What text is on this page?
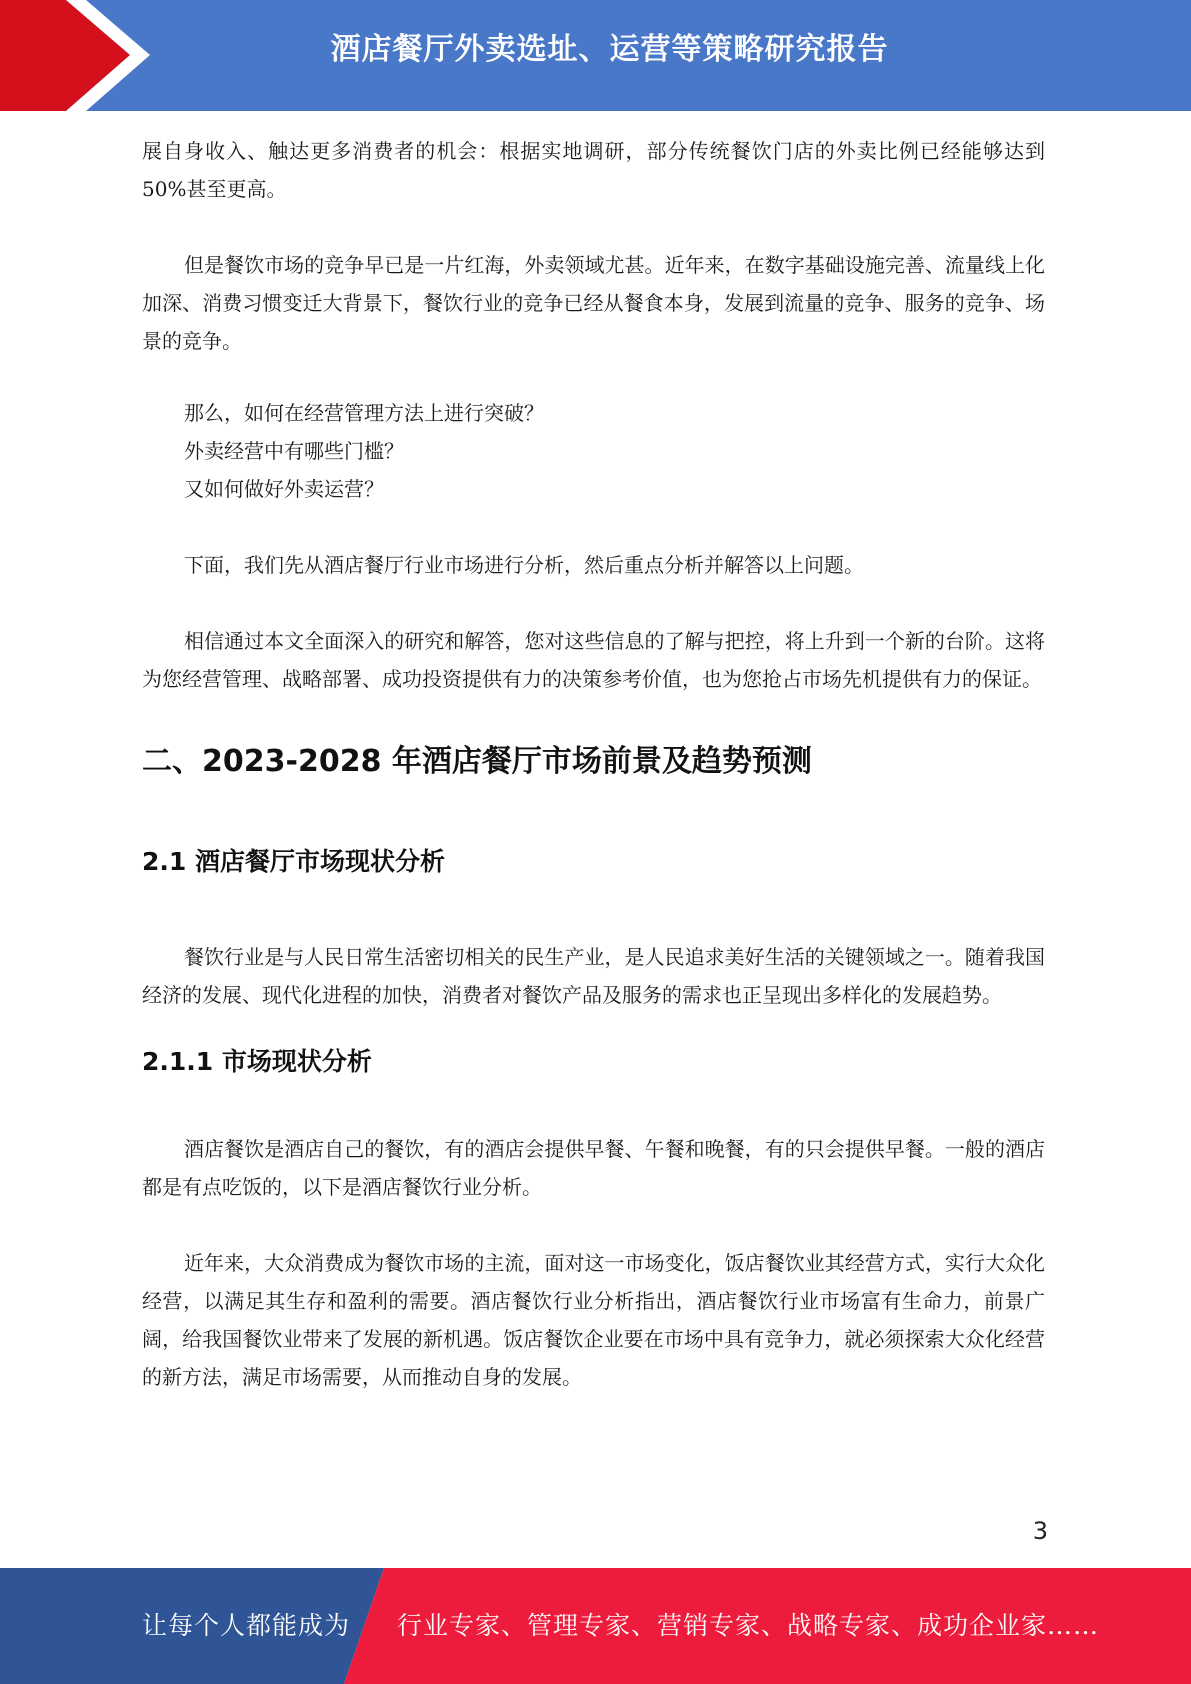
酒店餐厅外卖选址、运营等策略研究报告

展自身收入、触达更多消费者的机会：根据实地调研，部分传统餐饮门店的外卖比例已经能够达到50%甚至更高。

但是餐饮市场的竞争早已是一片红海，外卖领域尤甚。近年来，在数字基础设施完善、流量线上化加深、消费习惯变迁大背景下，餐饮行业的竞争已经从餐食本身，发展到流量的竞争、服务的竞争、场景的竞争。

那么，如何在经营管理方法上进行突破？
外卖经营中有哪些门槛？
又如何做好外卖运营？

下面，我们先从酒店餐厅行业市场进行分析，然后重点分析并解答以上问题。

相信通过本文全面深入的研究和解答，您对这些信息的了解与把控，将上升到一个新的台阶。这将为您经营管理、战略部署、成功投资提供有力的决策参考价值，也为您抢占市场先机提供有力的保证。

二、2023-2028 年酒店餐厅市场前景及趋势预测
2.1 酒店餐厅市场现状分析

餐饮行业是与人民日常生活密切相关的民生产业，是人民追求美好生活的关键领域之一。随着我国经济的发展、现代化进程的加快，消费者对餐饮产品及服务的需求也正呈现出多样化的发展趋势。

2.1.1 市场现状分析

酒店餐饮是酒店自己的餐饮，有的酒店会提供早餐、午餐和晚餐，有的只会提供早餐。一般的酒店都是有点吃饭的，以下是酒店餐饮行业分析。

近年来，大众消费成为餐饮市场的主流，面对这一市场变化，饭店餐饮业其经营方式，实行大众化经营，以满足其生存和盈利的需要。酒店餐饮行业分析指出，酒店餐饮行业市场富有生命力，前景广阔，给我国餐饮业带来了发展的新机遇。饭店餐饮企业要在市场中具有竞争力，就必须探索大众化经营的新方法，满足市场需要，从而推动自身的发展。

3
让每个人都能成为 行业专家、管理专家、营销专家、战略专家、成功企业家……
